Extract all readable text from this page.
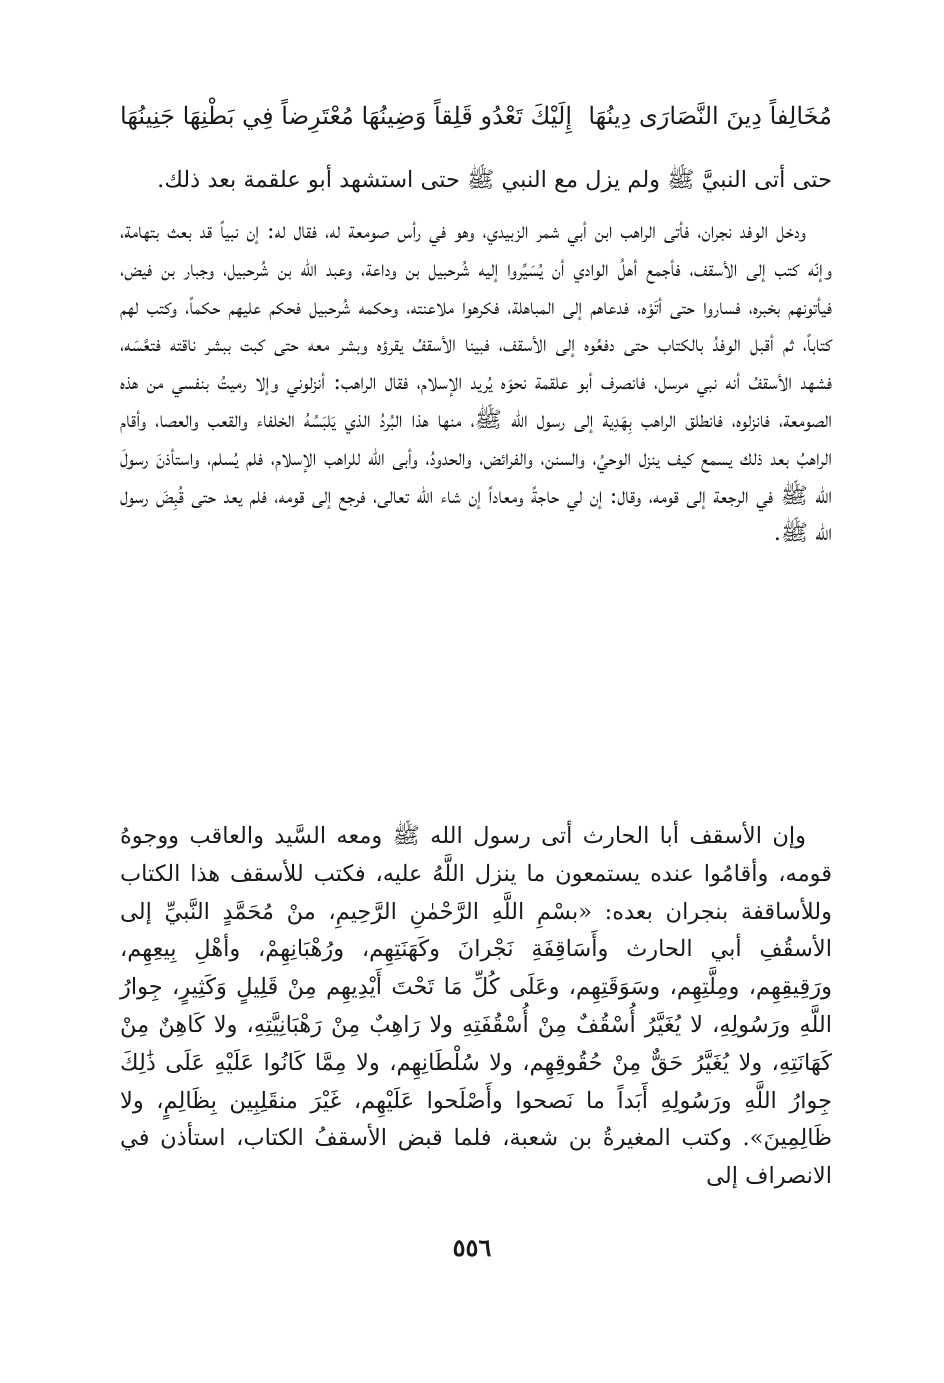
إِلَيْكَ تَعْدُو قَلِقاً وَضِينُهَا مُعْتَرِضاً فِي بَطْنِهَا جَنِينُهَا مُخَالِفاً دِينَ النَّصَارَى دِينُهَا

حتى أتى النبيَّ ﷺ ولم يزل مع النبي ﷺ حتى استشهد أبو علقمة بعد ذلك.

ودخل الوفد نجران، فأتى الراهب ابن أبي شمر الزبيدي، وهو في رأس صومعة له، فقال له: إن نبياً قد بعث بتهامة، وإنّه كتب إلى الأسقف، فأجمع أهلُ الوادي أن يُسَيِّروا إليه شُرحبيل بن وداعة، وعبد الله بن شُرحبيل، وجبار بن فيض، فيأتونهم بخبره، فساروا حتى أتَوْه، فدعاهم إلى المباهلة، فكرهوا ملاعنته، وحكمه شُرحبيل فحكم عليهم حكماً، وكتب لهم كتاباً، ثم أقبل الوفدُ بالكتاب حتى دفعُوه إلى الأسقف، فبينا الأسقفُ يقرؤه وبشر معه حتى كبت ببشر ناقته فتعَّسَه، فشهد الأسقفُ أنه نبي مرسل، فانصرف أبو علقمة نحوَه يُريد الإسلام، فقال الراهب: أنزلوني وإلا رميتُ بنفسي من هذه الصومعة، فانزلوه، فانطلق الراهب بِهَدِية إلى رسول الله ﷺ، منها هذا البُردُ الذي يَلبَسُهُ الخلفاء والقعب والعصا، وأقام الراهبُ بعد ذلك يسمع كيف ينزل الوحيُ، والسنن، والفرائض، والحدودُ، وأبى الله للراهب الإسلام، فلم يُسلم، واستأذنَ رسولَ الله ﷺ في الرجعة إلى قومه، وقال: إن لي حاجةً ومعاداً إن شاء الله تعالى، فرجع إلى قومه، فلم يعد حتى قُبِضَ رسول الله ﷺ.

وإن الأسقف أبا الحارث أتى رسول الله ﷺ ومعه السَّيد والعاقب ووجوهُ قومه، وأقامُوا عنده يستمعون ما ينزل اللَّهُ عليه، فكتب للأسقف هذا الكتاب وللأساقفة بنجران بعده: «بسْمِ اللَّهِ الرَّحْمٰنِ الرَّحِيمِ، منْ مُحَمَّدٍ النَّبيِّ إلى الأسقُفِ أبي الحارث وأَسَاقِفَةِ نَجْرانَ وكَهَنَتِهِم، ورُهْبَانِهِمْ، وأهْلِ بِيعِهِم، ورَقِيقِهِم، ومِلَّتِهِم، وسَوَقَتِهِم، وعَلَى كُلِّ مَا تَحْتَ أَيْدِيهِم مِنْ قَلِيلٍ وَكَثِيرٍ، جِوارُ اللَّهِ ورَسُولِهِ، لا يُغَيَّرُ أُسْقُفٌ مِنْ أُسْقُفَتِهِ ولا رَاهِبٌ مِنْ رَهْبَانِيَّتِهِ، ولا كَاهِنٌ مِنْ كَهَانَتِهِ، ولا يُغَيَّرُ حَقٌّ مِنْ حُقُوقِهِم، ولا سُلْطَانِهِم، ولا مِمَّا كَانُوا عَلَيْهِ عَلَى ذَٰلِكَ جِوارُ اللَّهِ ورَسُولِهِ أَبَداً ما نَصحوا وأَصْلَحوا عَلَيْهِم، غَيْرَ منقَلِبِين بِظَالِمٍ، ولا ظَالِمِينَ». وكتب المغيرةُ بن شعبة، فلما قبض الأسقفُ الكتاب، استأذن في الانصراف إلى

٥٥٦
